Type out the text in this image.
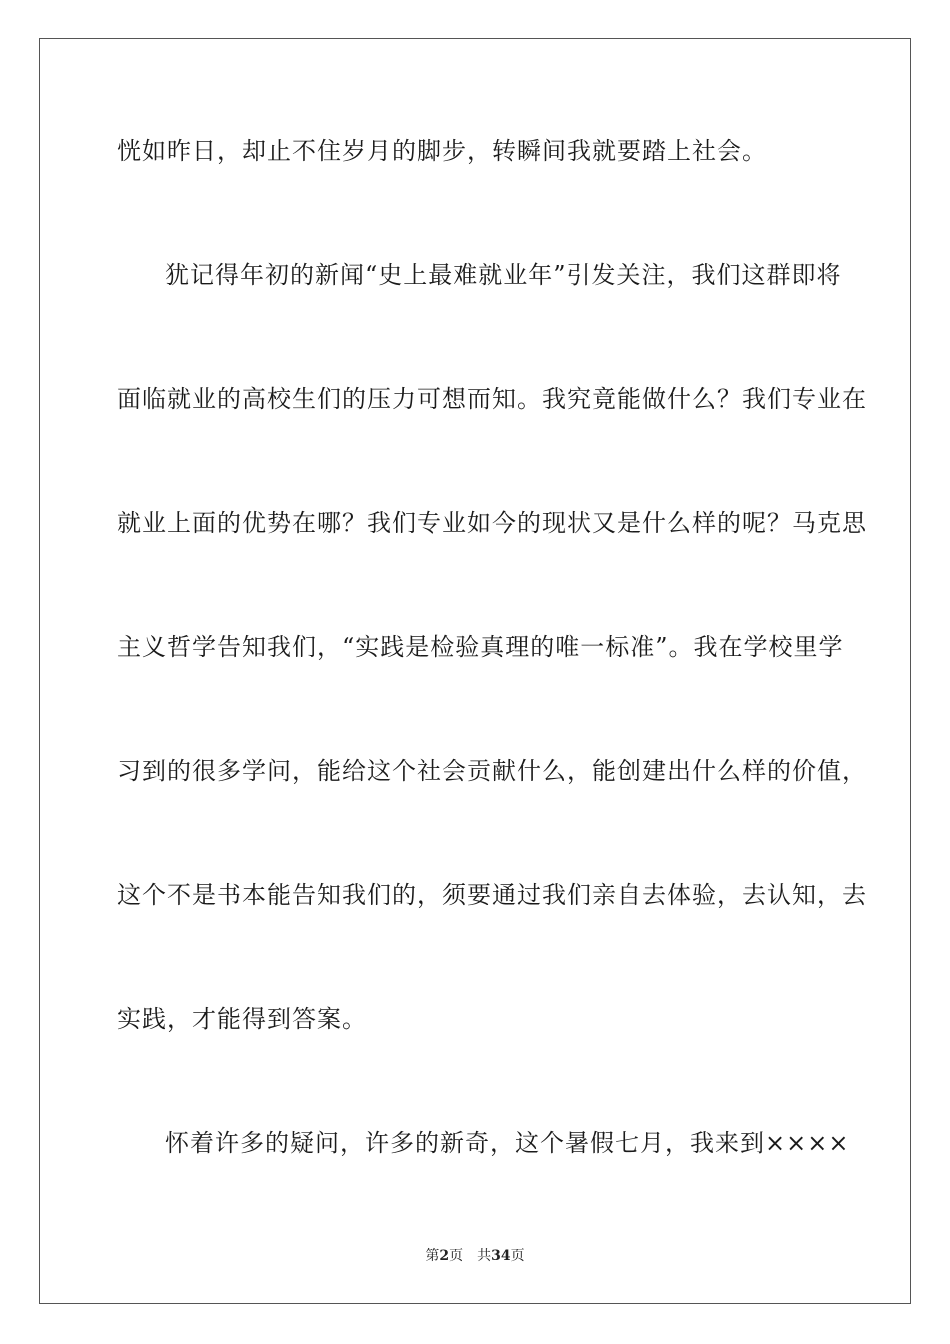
恍如昨日，却止不住岁月的脚步，转瞬间我就要踏上社会。
犹记得年初的新闻“史上最难就业年”引发关注，我们这群即将
面临就业的高校生们的压力可想而知。我究竟能做什么？我们专业在
就业上面的优势在哪？我们专业如今的现状又是什么样的呢？马克思
主义哲学告知我们，“实践是检验真理的唯一标准”。我在学校里学
习到的很多学问，能给这个社会贡献什么，能创建出什么样的价值，
这个不是书本能告知我们的，须要通过我们亲自去体验，去认知，去
实践，才能得到答案。
怀着许多的疑问，许多的新奇，这个暑假七月，我来到××××
第2页 共34页
